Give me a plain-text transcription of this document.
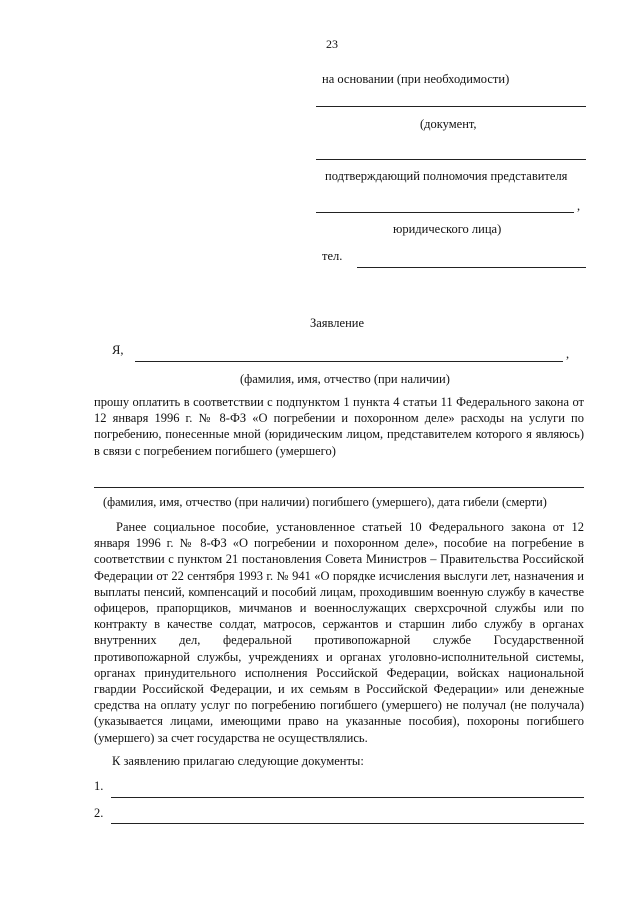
23
на основании (при необходимости)
(документ,
подтверждающий полномочия представителя
,
юридического лица)
тел.
Заявление
Я,	,
(фамилия, имя, отчество (при наличии)
прошу оплатить в соответствии с подпунктом 1 пункта 4 статьи 11 Федерального закона от 12 января 1996 г. № 8-ФЗ «О погребении и похоронном деле» расходы на услуги по погребению, понесенные мной (юридическим лицом, представителем которого я являюсь) в связи с погребением погибшего (умершего)
(фамилия, имя, отчество (при наличии) погибшего (умершего), дата гибели (смерти)
Ранее социальное пособие, установленное статьей 10 Федерального закона от 12 января 1996 г. № 8-ФЗ «О погребении и похоронном деле», пособие на погребение в соответствии с пунктом 21 постановления Совета Министров – Правительства Российской Федерации от 22 сентября 1993 г. № 941 «О порядке исчисления выслуги лет, назначения и выплаты пенсий, компенсаций и пособий лицам, проходившим военную службу в качестве офицеров, прапорщиков, мичманов и военнослужащих сверхсрочной службы или по контракту в качестве солдат, матросов, сержантов и старшин либо службу в органах внутренних дел, федеральной противопожарной службе Государственной противопожарной службы, учреждениях и органах уголовно-исполнительной системы, органах принудительного исполнения Российской Федерации, войсках национальной гвардии Российской Федерации, и их семьям в Российской Федерации» или денежные средства на оплату услуг по погребению погибшего (умершего) не получал (не получала) (указывается лицами, имеющими право на указанные пособия), похороны погибшего (умершего) за счет государства не осуществлялись.
К заявлению прилагаю следующие документы:
1.
2.
